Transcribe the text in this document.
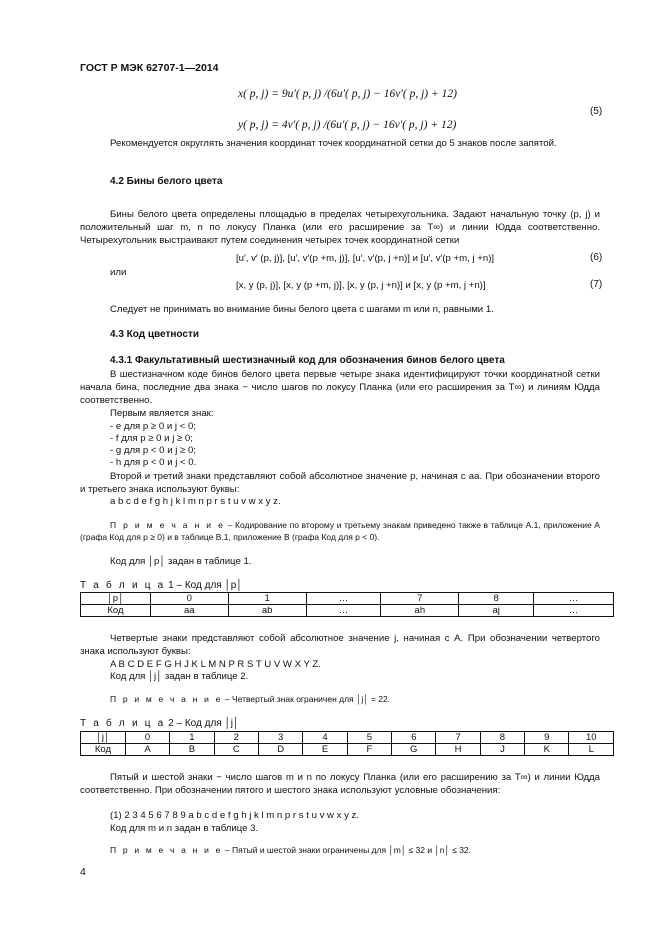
ГОСТ Р МЭК 62707-1—2014
x( p, j) = 9u′( p, j) /(6u′( p, j) − 16v′( p, j) + 12)
(5)
y( p, j) = 4v′( p, j) /(6u′( p, j) − 16v′( p, j) + 12)
Рекомендуется округлять значения координат точек координатной сетки до 5 знаков после запятой.
4.2 Бины белого цвета
Бины белого цвета определены площадью в пределах четырехугольника. Задают начальную точку (p, j) и положительный шаг m, n по локусу Планка (или его расширение за T∞) и линии Юдда соответственно. Четырехугольник выстраивают путем соединения четырех точек координатной сетки
[u′, v′ (p, j)], [u′, v′(p +m, j)], [u′, v′(p, j +n)] и [u′, v′(p +m, j +n)]	(6)
или
[x, y (p, j)], [x, y (p +m, j)], [x, y (p, j +n)] и [x, y (p +m, j +n)]	(7)
Следует не принимать во внимание бины белого цвета с шагами m или n, равными 1.
4.3 Код цветности
4.3.1 Факультативный шестизначный код для обозначения бинов белого цвета
В шестизначном коде бинов белого цвета первые четыре знака идентифицируют точки координатной сетки начала бина, последние два знака − число шагов по локусу Планка (или его расширения за T∞) и линиям Юдда соответственно.
Первым является знак:
- e для p ≥ 0 и j < 0;
- f для p ≥ 0 и j ≥ 0;
- g для p < 0 и j ≥ 0;
- h для p < 0 и j < 0.
Второй и третий знаки представляют собой абсолютное значение p, начиная с аа. При обозначении второго и третьего знака используют буквы:
a b c d e f g h j k l m n p r s t u v w x y z.
П р и м е ч а н и е – Кодирование по второму и третьему знакам приведено также в таблице А.1, приложение А (графа Код для p ≥ 0) и в таблице В.1, приложение В (графа Код для p < 0).
Код для │p│ задан в таблице 1.
Т а б л и ц а 1 – Код для │p│
│p│	0	1	…	7	8	…
Код	aa	ab	…	ah	aj	…
Четвертые знаки представляют собой абсолютное значение j, начиная с А. При обозначении четвертого знака используют буквы:
A B C D E F G H J K L M N P R S T U V W X Y Z.
Код для │j│ задан в таблице 2.
П р и м е ч а н и е – Четвертый знак ограничен для │j│ = 22.
Т а б л и ц а 2 – Код для │j│
│j│	0	1	2	3	4	5	6	7	8	9	10
Код	A	B	C	D	E	F	G	H	J	K	L
Пятый и шестой знаки − число шагов m и n по локусу Планка (или его расширению за T∞) и линии Юдда соответственно. При обозначении пятого и шестого знака используют условные обозначения:
(1) 2 3 4 5 6 7 8 9 a b c d e f g h j k l m n p r s t u v w x y z.
Код для m и n задан в таблице 3.
П р и м е ч а н и е – Пятый и шестой знаки ограничены для │m│ ≤ 32 и │n│ ≤ 32.
4
